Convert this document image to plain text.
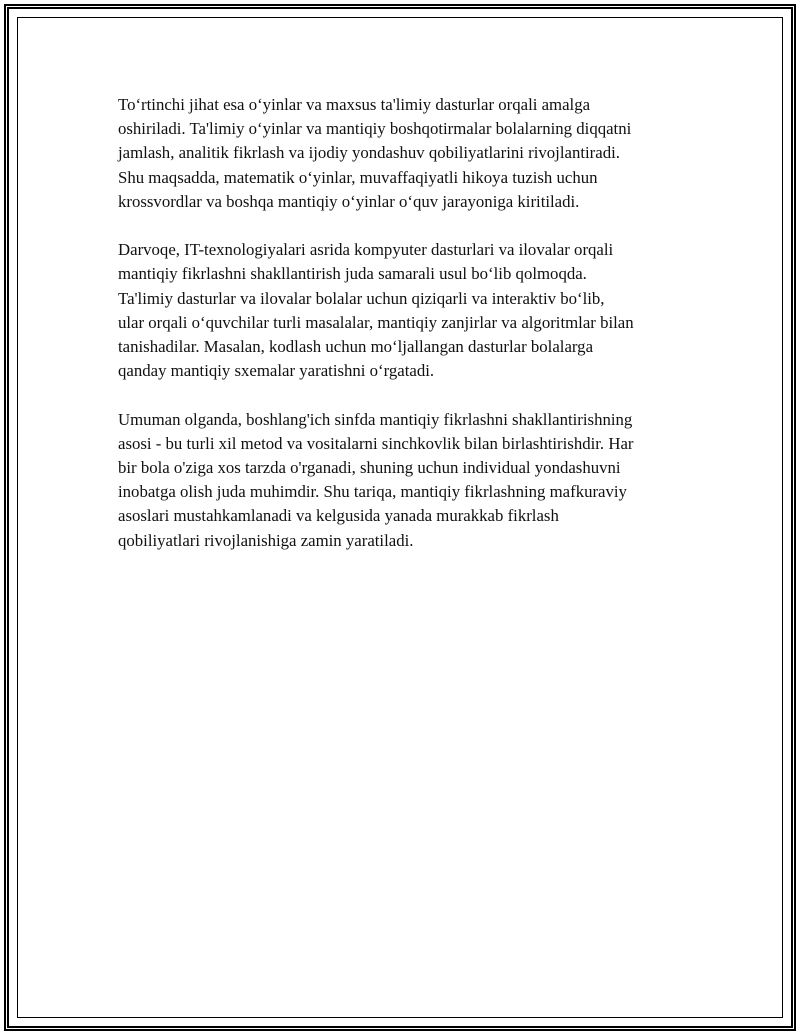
To‘rtinchi jihat esa o‘yinlar va maxsus ta'limiy dasturlar orqali amalga
oshiriladi. Ta'limiy o‘yinlar va mantiqiy boshqotirmalar bolalarning diqqatni
jamlash, analitik fikrlash va ijodiy yondashuv qobiliyatlarini rivojlantiradi.
Shu maqsadda, matematik o‘yinlar, muvaffaqiyatli hikoya tuzish uchun
krossvordlar va boshqa mantiqiy o‘yinlar o‘quv jarayoniga kiritiladi.

Darvoqe, IT-texnologiyalari asrida kompyuter dasturlari va ilovalar orqali
mantiqiy fikrlashni shakllantirish juda samarali usul bo‘lib qolmoqda.
Ta'limiy dasturlar va ilovalar bolalar uchun qiziqarli va interaktiv bo‘lib,
ular orqali o‘quvchilar turli masalalar, mantiqiy zanjirlar va algoritmlar bilan
tanishadilar. Masalan, kodlash uchun mo‘ljallangan dasturlar bolalarga
qanday mantiqiy sxemalar yaratishni o‘rgatadi.

Umuman olganda, boshlang'ich sinfda mantiqiy fikrlashni shakllantirishning
asosi - bu turli xil metod va vositalarni sinchkovlik bilan birlashtirishdir. Har
bir bola o'ziga xos tarzda o'rganadi, shuning uchun individual yondashuvni
inobatga olish juda muhimdir. Shu tariqa, mantiqiy fikrlashning mafkuraviy
asoslari mustahkamlanadi va kelgusida yanada murakkab fikrlash
qobiliyatlari rivojlanishiga zamin yaratiladi.
